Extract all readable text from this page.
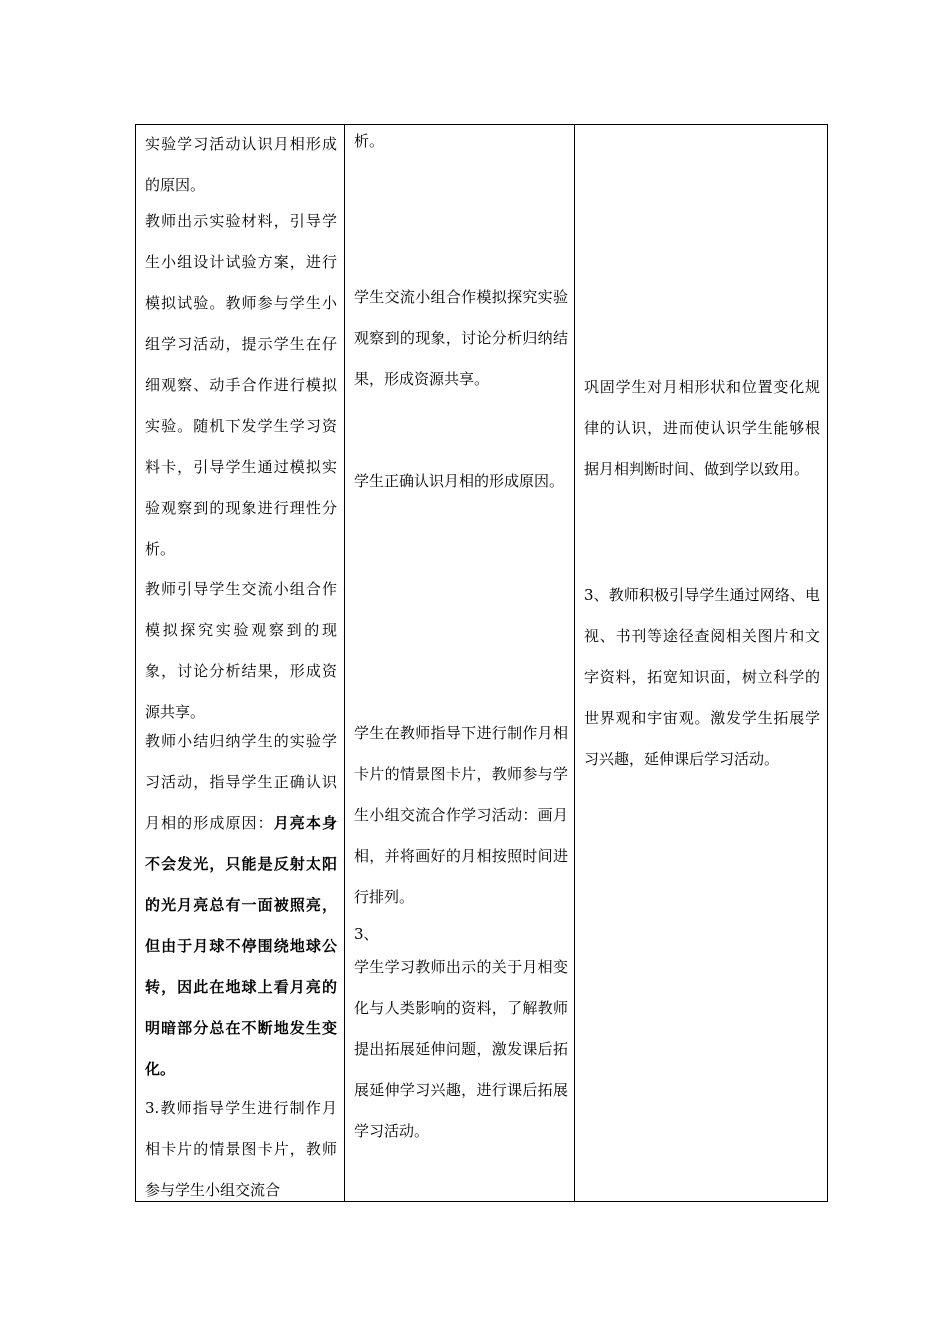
实验学习活动认识月相形成的原因。

教师出示实验材料，引导学生小组设计试验方案，进行模拟试验。教师参与学生小组学习活动，提示学生在仔细观察、动手合作进行模拟实验。随机下发学生学习资料卡，引导学生通过模拟实验观察到的现象进行理性分析。

教师引导学生交流小组合作模拟探究实验观察到的现象，讨论分析结果，形成资源共享。

教师小结归纳学生的实验学习活动，指导学生正确认识月相的形成原因：月亮本身不会发光，只能是反射太阳的光月亮总有一面被照亮，但由于月球不停围绕地球公转，因此在地球上看月亮的明暗部分总在不断地发生变化。

3.教师指导学生进行制作月相卡片的情景图卡片，教师参与学生小组交流合

析。

学生交流小组合作模拟探究实验观察到的现象，讨论分析归纳结果，形成资源共享。

学生正确认识月相的形成原因。

学生在教师指导下进行制作月相卡片的情景图卡片，教师参与学生小组交流合作学习活动：画月相，并将画好的月相按照时间进行排列。

3、

学生学习教师出示的关于月相变化与人类影响的资料，了解教师提出拓展延伸问题，激发课后拓展延伸学习兴趣，进行课后拓展学习活动。

巩固学生对月相形状和位置变化规律的认识，进而使认识学生能够根据月相判断时间、做到学以致用。

3、教师积极引导学生通过网络、电视、书刊等途径查阅相关图片和文字资料，拓宽知识面，树立科学的世界观和宇宙观。激发学生拓展学习兴趣，延伸课后学习活动。
